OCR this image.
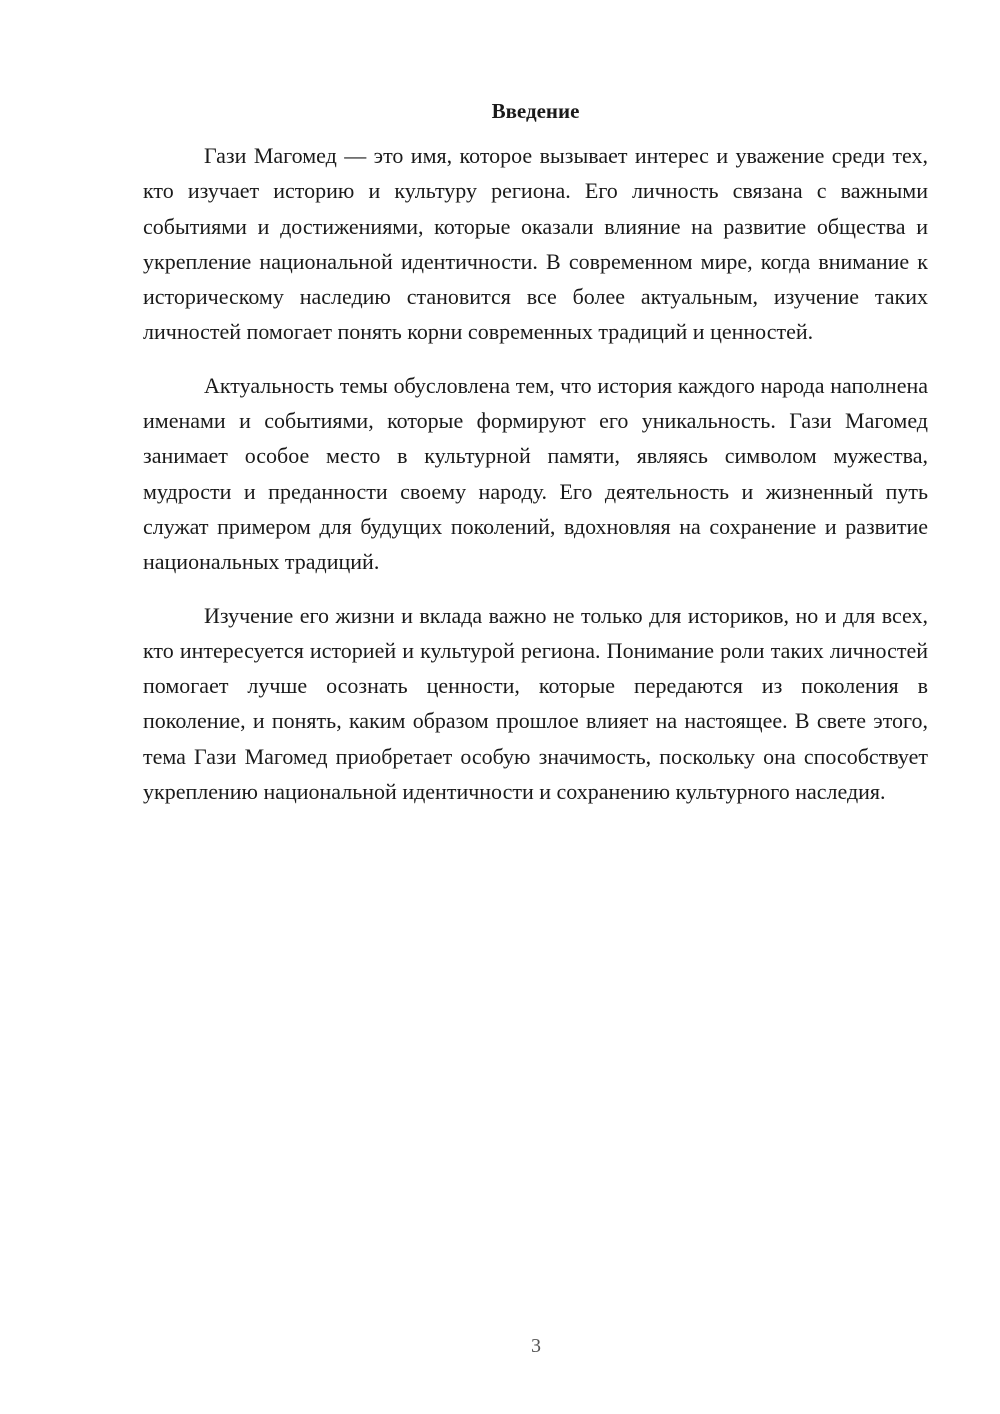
Введение

Гази Магомед — это имя, которое вызывает интерес и уважение среди тех, кто изучает историю и культуру региона. Его личность связана с важными событиями и достижениями, которые оказали влияние на развитие общества и укрепление национальной идентичности. В современном мире, когда внимание к историческому наследию становится все более актуальным, изучение таких личностей помогает понять корни современных традиций и ценностей.

Актуальность темы обусловлена тем, что история каждого народа наполнена именами и событиями, которые формируют его уникальность. Гази Магомед занимает особое место в культурной памяти, являясь символом мужества, мудрости и преданности своему народу. Его деятельность и жизненный путь служат примером для будущих поколений, вдохновляя на сохранение и развитие национальных традиций.

Изучение его жизни и вклада важно не только для историков, но и для всех, кто интересуется историей и культурой региона. Понимание роли таких личностей помогает лучше осознать ценности, которые передаются из поколения в поколение, и понять, каким образом прошлое влияет на настоящее. В свете этого, тема Гази Магомед приобретает особую значимость, поскольку она способствует укреплению национальной идентичности и сохранению культурного наследия.

3
